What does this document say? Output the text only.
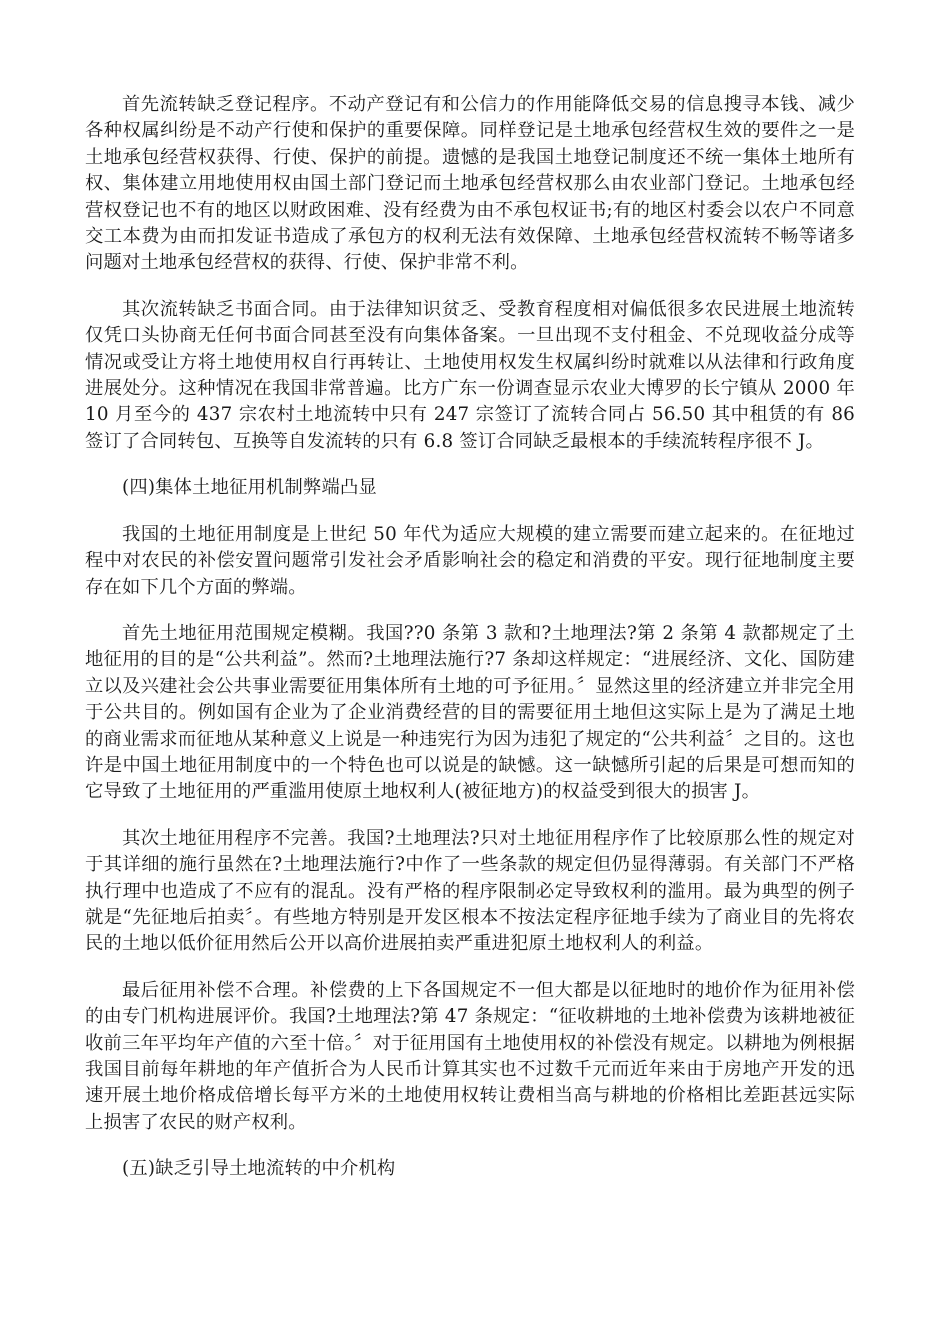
首先流转缺乏登记程序。不动产登记有和公信力的作用能降低交易的信息搜寻本钱、减少各种权属纠纷是不动产行使和保护的重要保障。同样登记是土地承包经营权生效的要件之一是土地承包经营权获得、行使、保护的前提。遗憾的是我国土地登记制度还不统一集体土地所有权、集体建立用地使用权由国土部门登记而土地承包经营权那么由农业部门登记。土地承包经营权登记也不有的地区以财政困难、没有经费为由不承包权证书;有的地区村委会以农户不同意交工本费为由而扣发证书造成了承包方的权利无法有效保障、土地承包经营权流转不畅等诸多问题对土地承包经营权的获得、行使、保护非常不利。

其次流转缺乏书面合同。由于法律知识贫乏、受教育程度相对偏低很多农民进展土地流转仅凭口头协商无任何书面合同甚至没有向集体备案。一旦出现不支付租金、不兑现收益分成等情况或受让方将土地使用权自行再转让、土地使用权发生权属纠纷时就难以从法律和行政角度进展处分。这种情况在我国非常普遍。比方广东一份调查显示农业大博罗的长宁镇从 2000 年 10 月至今的 437 宗农村土地流转中只有 247 宗签订了流转合同占 56.50 其中租赁的有 86 签订了合同转包、互换等自发流转的只有 6.8 签订合同缺乏最根本的手续流转程序很不 J。

(四)集体土地征用机制弊端凸显

我国的土地征用制度是上世纪 50 年代为适应大规模的建立需要而建立起来的。在征地过程中对农民的补偿安置问题常引发社会矛盾影响社会的稳定和消费的平安。现行征地制度主要存在如下几个方面的弊端。

首先土地征用范围规定模糊。我国??0 条第 3 款和?土地理法?第 2 条第 4 款都规定了土地征用的目的是“公共利益”。然而?土地理法施行?7 条却这样规定：“进展经济、文化、国防建立以及兴建社会公共事业需要征用集体所有土地的可予征用。〞显然这里的经济建立并非完全用于公共目的。例如国有企业为了企业消费经营的目的需要征用土地但这实际上是为了满足土地的商业需求而征地从某种意义上说是一种违宪行为因为违犯了规定的“公共利益〞之目的。这也许是中国土地征用制度中的一个特色也可以说是的缺憾。这一缺憾所引起的后果是可想而知的它导致了土地征用的严重滥用使原土地权利人(被征地方)的权益受到很大的损害 J。

其次土地征用程序不完善。我国?土地理法?只对土地征用程序作了比较原那么性的规定对于其详细的施行虽然在?土地理法施行?中作了一些条款的规定但仍显得薄弱。有关部门不严格执行理中也造成了不应有的混乱。没有严格的程序限制必定导致权利的滥用。最为典型的例子就是“先征地后拍卖〞。有些地方特别是开发区根本不按法定程序征地手续为了商业目的先将农民的土地以低价征用然后公开以高价进展拍卖严重进犯原土地权利人的利益。

最后征用补偿不合理。补偿费的上下各国规定不一但大都是以征地时的地价作为征用补偿的由专门机构进展评价。我国?土地理法?第 47 条规定：“征收耕地的土地补偿费为该耕地被征收前三年平均年产值的六至十倍。〞对于征用国有土地使用权的补偿没有规定。以耕地为例根据我国目前每年耕地的年产值折合为人民币计算其实也不过数千元而近年来由于房地产开发的迅速开展土地价格成倍增长每平方米的土地使用权转让费相当高与耕地的价格相比差距甚远实际上损害了农民的财产权利。

(五)缺乏引导土地流转的中介机构
